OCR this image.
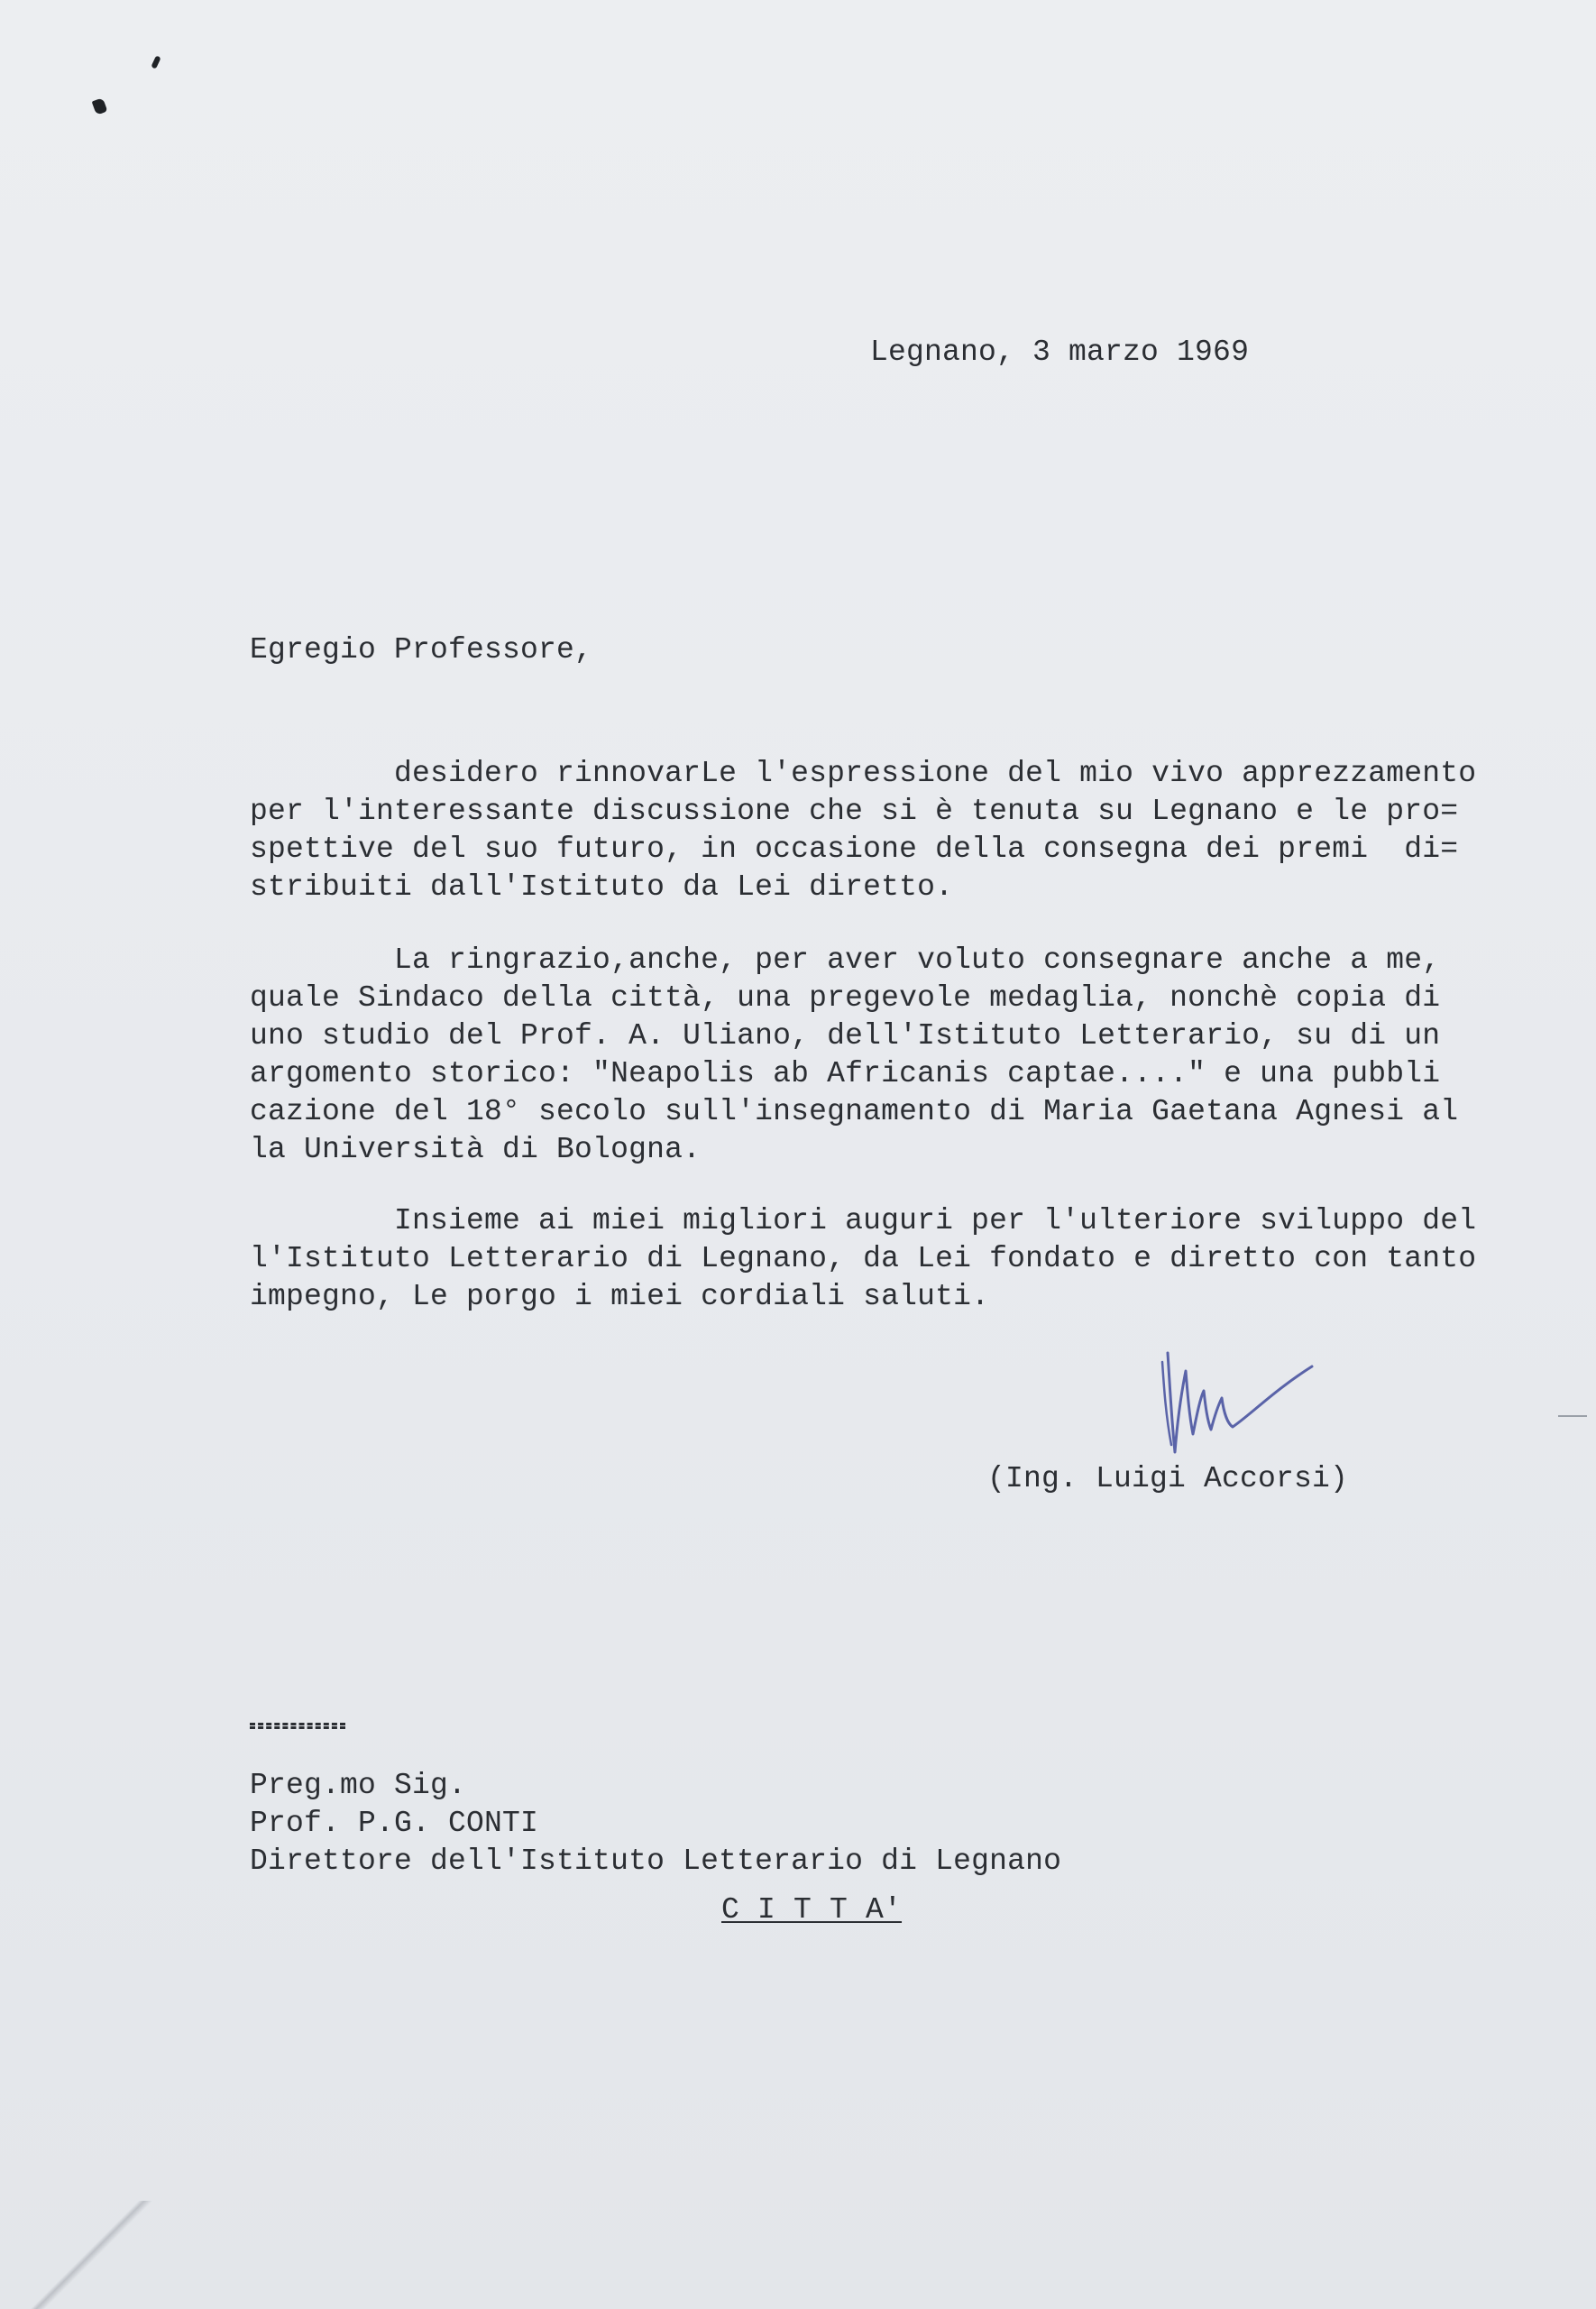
Legnano, 3 marzo 1969
Egregio Professore,
desidero rinnovarLe l'espressione del mio vivo apprezzamento
per l'interessante discussione che si è tenuta su Legnano e le pro=
spettive del suo futuro, in occasione della consegna dei premi  di=
stribuiti dall'Istituto da Lei diretto.
La ringrazio,anche, per aver voluto consegnare anche a me,
quale Sindaco della città, una pregevole medaglia, nonchè copia di
uno studio del Prof. A. Uliano, dell'Istituto Letterario, su di un
argomento storico: "Neapolis ab Africanis captae...." e una pubbli
cazione del 18° secolo sull'insegnamento di Maria Gaetana Agnesi al
la Università di Bologna.
Insieme ai miei migliori auguri per l'ulteriore sviluppo del
l'Istituto Letterario di Legnano, da Lei fondato e diretto con tanto
impegno, Le porgo i miei cordiali saluti.
(Ing. Luigi Accorsi)
Preg.mo Sig.
Prof. P.G. CONTI
Direttore dell'Istituto Letterario di Legnano
C I T T A'
